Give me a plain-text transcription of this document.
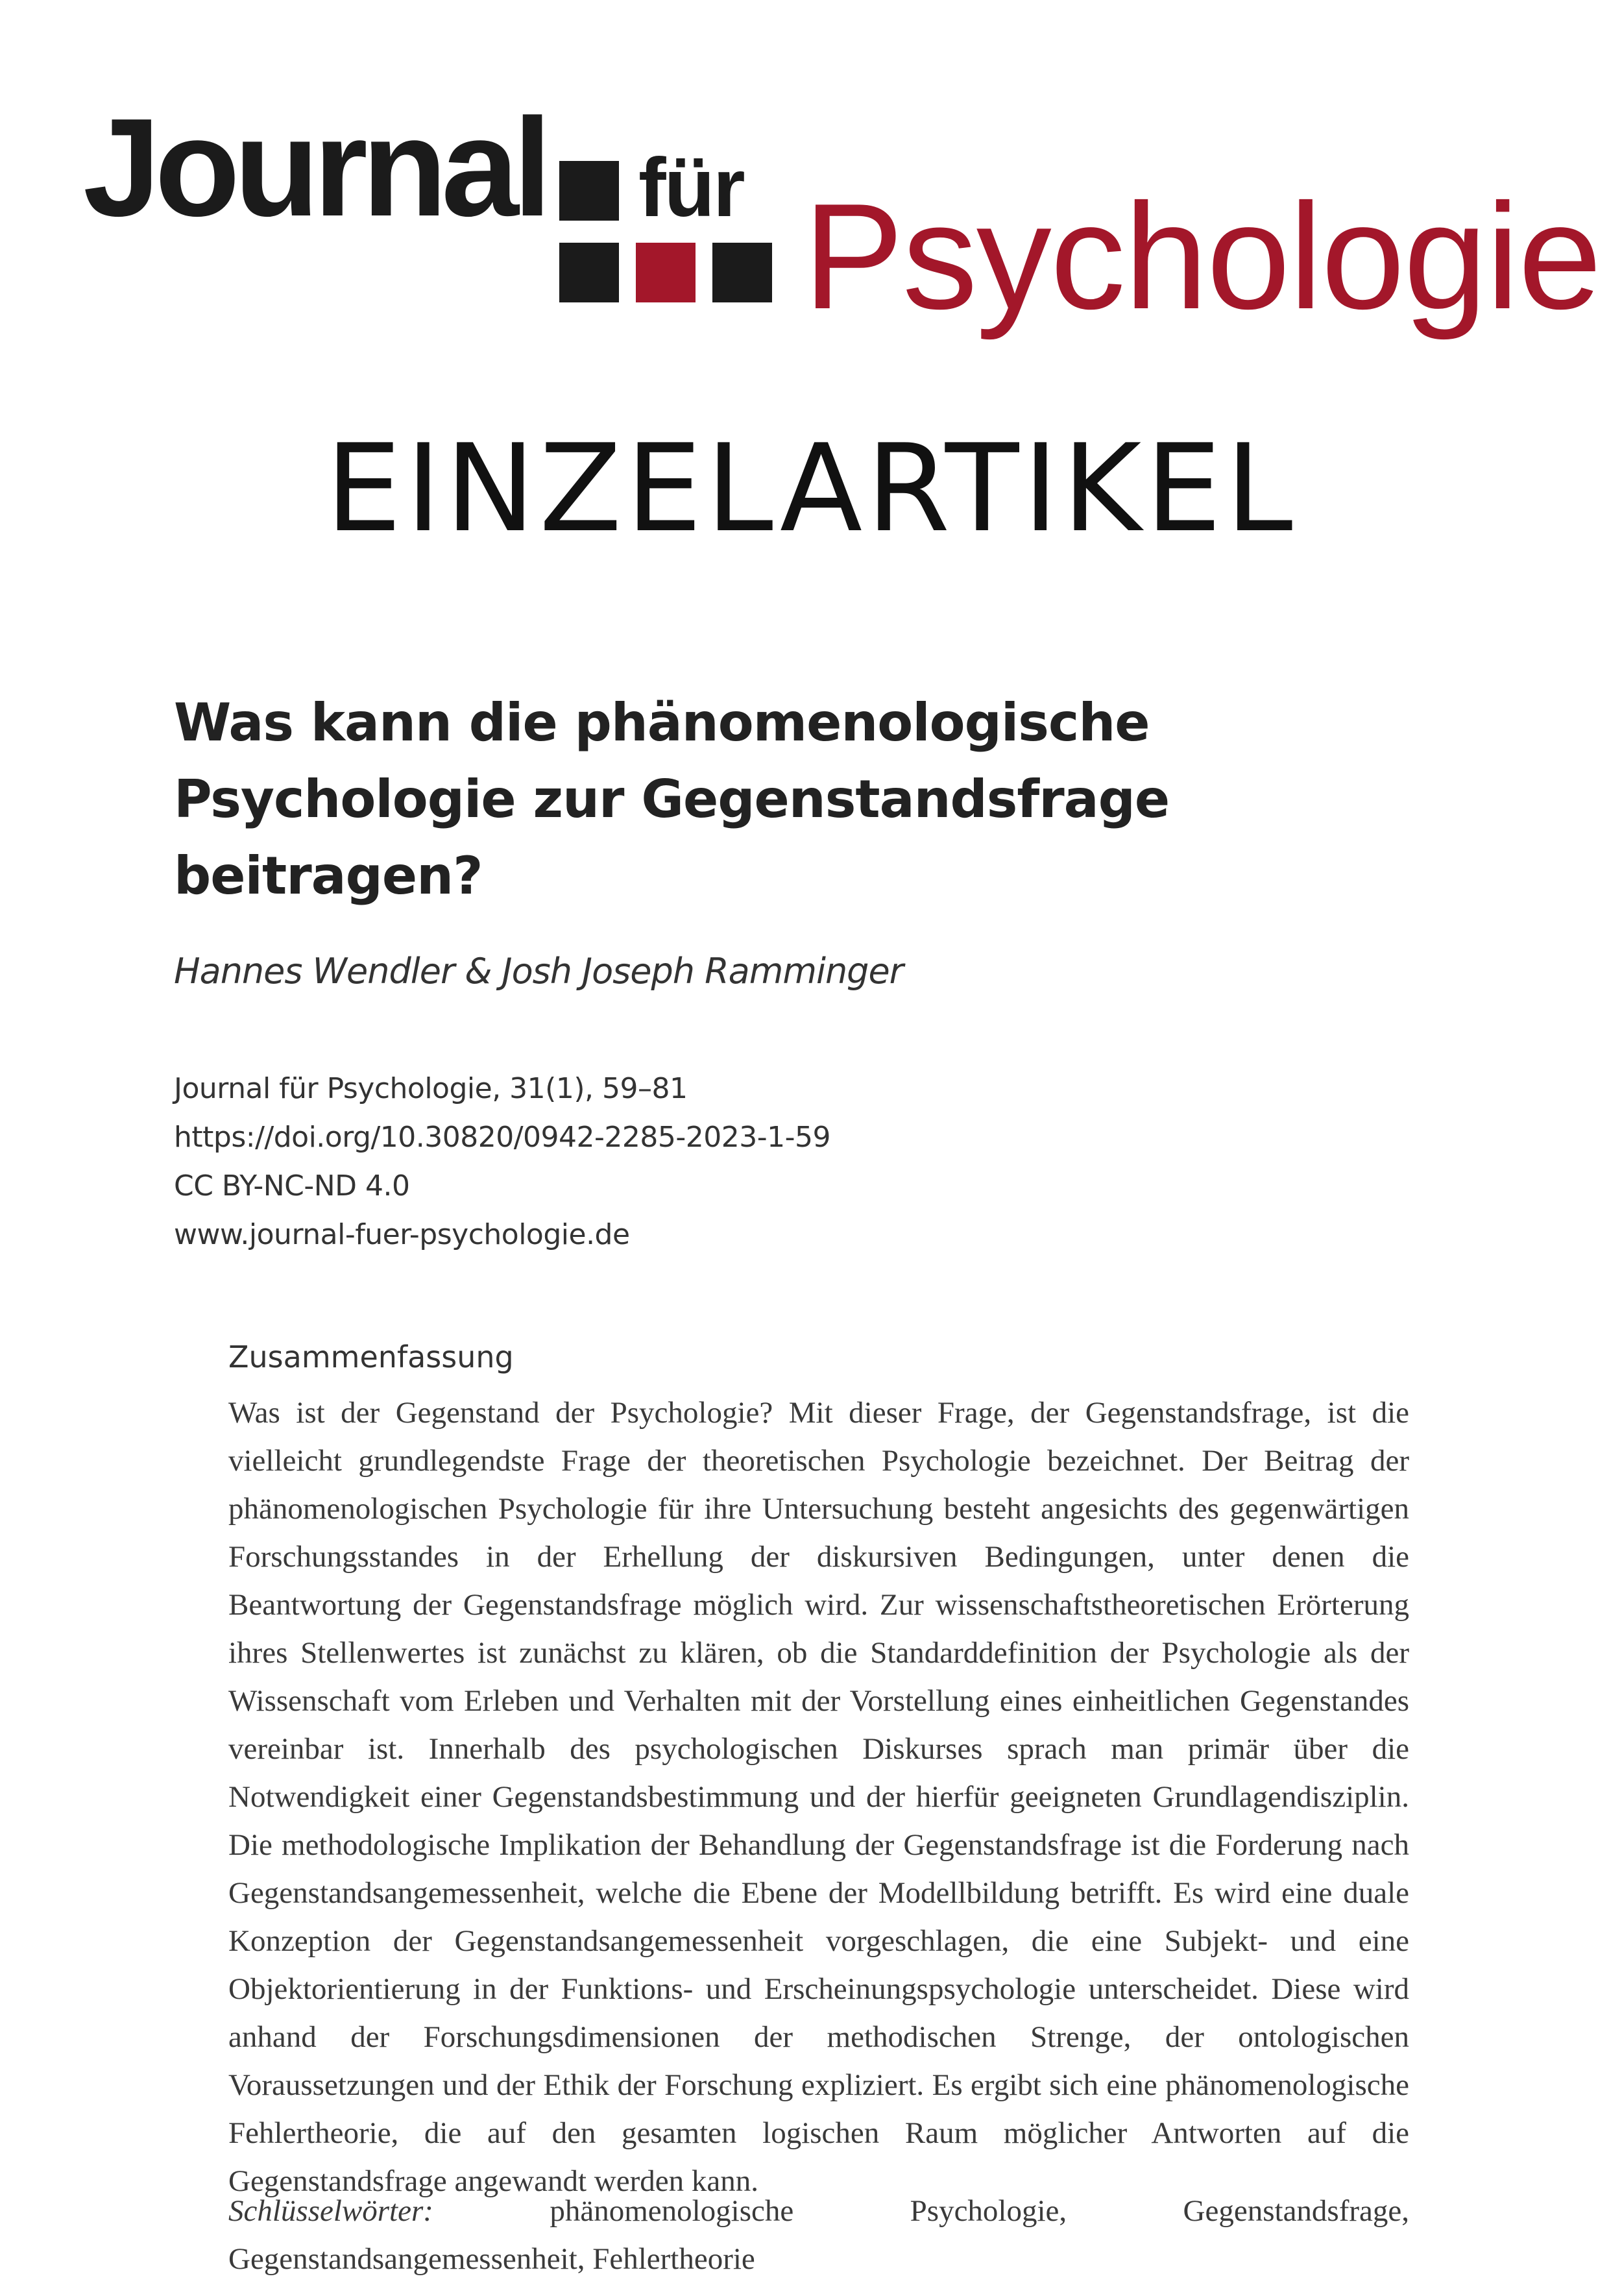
Journal für Psychologie
EINZELARTIKEL
Was kann die phänomenologische
Psychologie zur Gegenstandsfrage
beitragen?
Hannes Wendler & Josh Joseph Ramminger
Journal für Psychologie, 31(1), 59–81
https://doi.org/10.30820/0942-2285-2023-1-59
CC BY-NC-ND 4.0
www.journal-fuer-psychologie.de
Zusammenfassung

Was ist der Gegenstand der Psychologie? Mit dieser Frage, der Gegenstandsfrage, ist die vielleicht grundlegendste Frage der theoretischen Psychologie bezeichnet. Der Beitrag der phänomenologischen Psychologie für ihre Untersuchung besteht angesichts des gegenwärtigen Forschungsstandes in der Erhellung der diskursiven Bedingungen, unter denen die Beantwortung der Gegenstandsfrage möglich wird. Zur wissenschaftstheoretischen Erörterung ihres Stellenwertes ist zunächst zu klären, ob die Standarddefinition der Psychologie als der Wissenschaft vom Erleben und Verhalten mit der Vorstellung eines einheitlichen Gegenstandes vereinbar ist. Innerhalb des psychologischen Diskurses sprach man primär über die Notwendigkeit einer Gegenstandsbestimmung und der hierfür geeigneten Grundlagendisziplin. Die methodologische Implikation der Behandlung der Gegenstandsfrage ist die Forderung nach Gegenstandsangemessenheit, welche die Ebene der Modellbildung betrifft. Es wird eine duale Konzeption der Gegenstandsangemessenheit vorgeschlagen, die eine Subjekt- und eine Objektorientierung in der Funktions- und Erscheinungspsychologie unterscheidet. Diese wird anhand der Forschungsdimensionen der methodischen Strenge, der ontologischen Voraussetzungen und der Ethik der Forschung expliziert. Es ergibt sich eine phänomenologische Fehlertheorie, die auf den gesamten logischen Raum möglicher Antworten auf die Gegenstandsfrage angewandt werden kann.

Schlüsselwörter:	phänomenologische Psychologie, Gegenstandsfrage, Gegenstandsangemessenheit, Fehlertheorie
